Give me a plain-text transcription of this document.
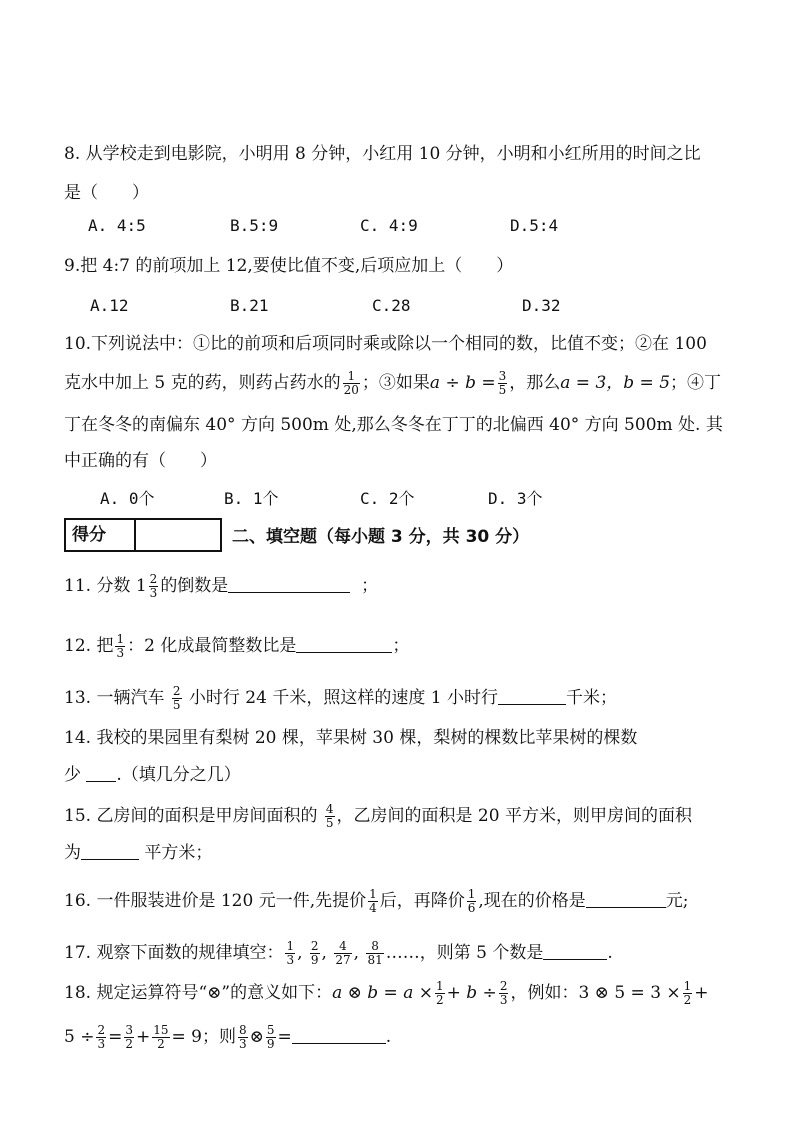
8. 从学校走到电影院，小明用 8 分钟，小红用 10 分钟，小明和小红所用的时间之比
是（　　）
A. 4:5	B.5:9	C. 4:9	D.5:4
9.把 4:7 的前项加上 12,要使比值不变,后项应加上（　　）
A.12	B.21	C.28	D.32
10.下列说法中：①比的前项和后项同时乘或除以一个相同的数，比值不变；②在 100
克水中加上 5 克的药，则药占药水的 $\frac{1}{20}$ ；③如果$a \div b = \frac{3}{5}$ ，那么a = 3，b = 5；④丁
丁在冬冬的南偏东 40° 方向 500m 处,那么冬冬在丁丁的北偏西 40° 方向 500m 处. 其
中正确的有（　　）
A. 0个	B. 1个	C. 2个	D. 3个
得分	二、填空题（每小题 3 分，共 30 分）
11. 分数 $1 \frac{2}{3}$ 的倒数是	；
12. 把 $\frac{1}{3}$ ：2 化成最简整数比是	；
13. 一辆汽车 $\frac{2}{5}$ 小时行 24 千米，照这样的速度 1 小时行	千米；
14. 我校的果园里有梨树 20 棵，苹果树 30 棵，梨树的棵数比苹果树的棵数
少 .（填几分之几）
15. 乙房间的面积是甲房间面积的 $\frac{4}{5}$ ，乙房间的面积是 20 平方米，则甲房间的面积
为	平方米；
16. 一件服装进价是 120 元一件,先提价 $\frac{1}{4}$ 后，再降价 $\frac{1}{6}$ ,现在的价格是	元;
17. 观察下面数的规律填空： $\frac{1}{3}$ , $\frac{2}{9}$ , $\frac{4}{27}$ , $\frac{8}{81}$ ……，则第 5 个数是	.
18. 规定运算符号“⊗”的意义如下：a ⊗ $b = a \times \frac{1}{2} + b \div \frac{2}{3}$ ，例如：3 ⊗ $5 = 3 \times \frac{1}{2}$ +
$5 \div \frac{2}{3} = \frac{3}{2} + \frac{15}{2} = 9$；则 $\frac{8}{3}$ ⊗ $\frac{5}{9}$ =	.
